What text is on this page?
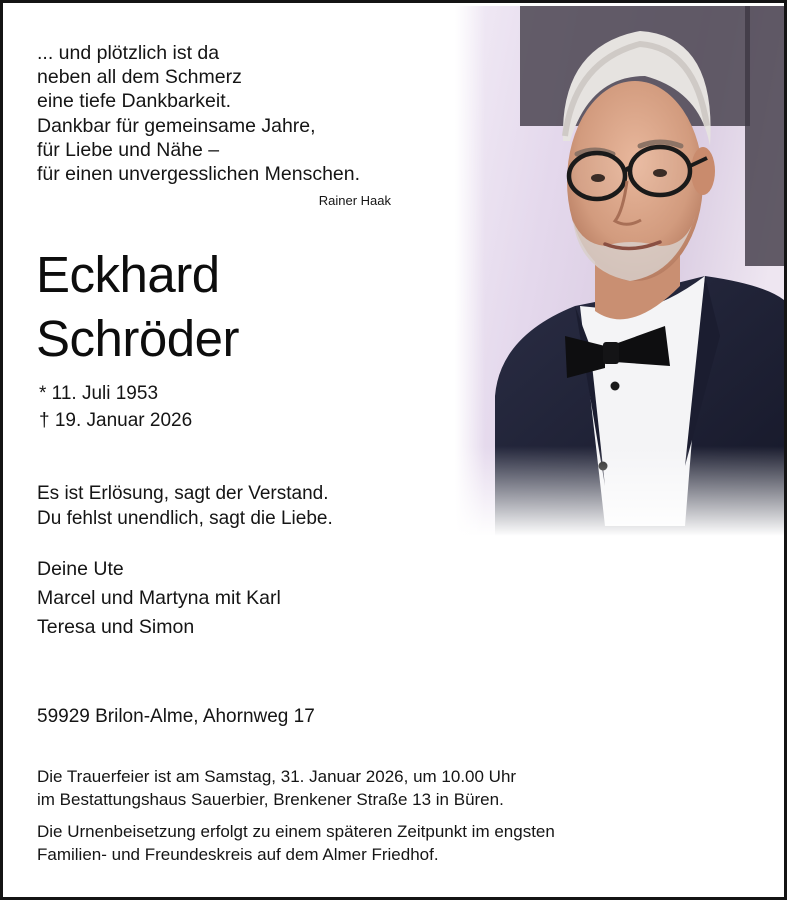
... und plötzlich ist da
neben all dem Schmerz
eine tiefe Dankbarkeit.
Dankbar für gemeinsame Jahre,
für Liebe und Nähe –
für einen unvergesslichen Menschen.
Rainer Haak
Eckhard
Schröder
* 11. Juli 1953
† 19. Januar 2026
Es ist Erlösung, sagt der Verstand.
Du fehlst unendlich, sagt die Liebe.
Deine Ute
Marcel und Martyna mit Karl
Teresa und Simon
59929 Brilon-Alme, Ahornweg 17
Die Trauerfeier ist am Samstag, 31. Januar 2026, um 10.00 Uhr
im Bestattungshaus Sauerbier, Brenkener Straße 13 in Büren.
Die Urnenbeisetzung erfolgt zu einem späteren Zeitpunkt im engsten
Familien- und Freundeskreis auf dem Almer Friedhof.
